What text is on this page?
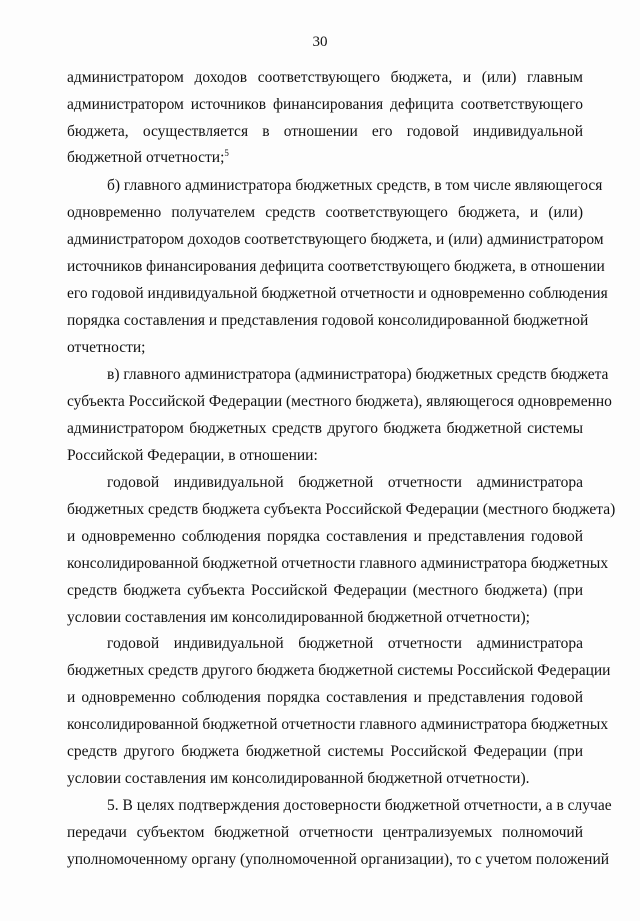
30
администратором доходов соответствующего бюджета, и (или) главным
администратором источников финансирования дефицита соответствующего
бюджета, осуществляется в отношении его годовой индивидуальной
бюджетной отчетности;$^5$
б) главного администратора бюджетных средств, в том числе являющегося
одновременно получателем средств соответствующего бюджета, и (или)
администратором доходов соответствующего бюджета, и (или) администратором
источников финансирования дефицита соответствующего бюджета, в отношении
его годовой индивидуальной бюджетной отчетности и одновременно соблюдения
порядка составления и представления годовой консолидированной бюджетной
отчетности;
в) главного администратора (администратора) бюджетных средств бюджета
субъекта Российской Федерации (местного бюджета), являющегося одновременно
администратором бюджетных средств другого бюджета бюджетной системы
Российской Федерации, в отношении:
годовой индивидуальной бюджетной отчетности администратора
бюджетных средств бюджета субъекта Российской Федерации (местного бюджета)
и одновременно соблюдения порядка составления и представления годовой
консолидированной бюджетной отчетности главного администратора бюджетных
средств бюджета субъекта Российской Федерации (местного бюджета) (при
условии составления им консолидированной бюджетной отчетности);
годовой индивидуальной бюджетной отчетности администратора
бюджетных средств другого бюджета бюджетной системы Российской Федерации
и одновременно соблюдения порядка составления и представления годовой
консолидированной бюджетной отчетности главного администратора бюджетных
средств другого бюджета бюджетной системы Российской Федерации (при
условии составления им консолидированной бюджетной отчетности).
5. В целях подтверждения достоверности бюджетной отчетности, а в случае
передачи субъектом бюджетной отчетности централизуемых полномочий
уполномоченному органу (уполномоченной организации), то с учетом положений
